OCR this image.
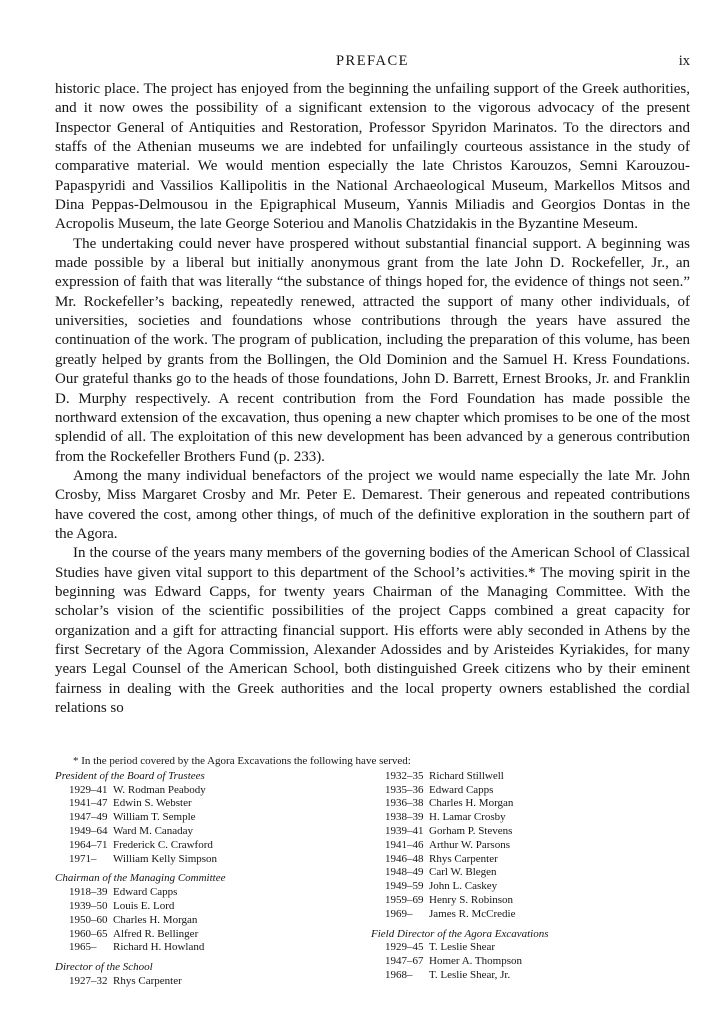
PREFACE	ix

historic place. The project has enjoyed from the beginning the unfailing support of the Greek authorities, and it now owes the possibility of a significant extension to the vigorous advocacy of the present Inspector General of Antiquities and Restoration, Professor Spyridon Marinatos. To the directors and staffs of the Athenian museums we are indebted for unfailingly courteous assistance in the study of comparative material. We would mention especially the late Christos Karouzos, Semni Karouzou-Papaspyridi and Vassilios Kallipolitis in the National Archaeological Museum, Markellos Mitsos and Dina Peppas-Delmousou in the Epigraphical Museum, Yannis Miliadis and Georgios Dontas in the Acropolis Museum, the late George Soteriou and Manolis Chatzidakis in the Byzantine Meseum.

The undertaking could never have prospered without substantial financial support. A beginning was made possible by a liberal but initially anonymous grant from the late John D. Rockefeller, Jr., an expression of faith that was literally “the substance of things hoped for, the evidence of things not seen.” Mr. Rockefeller’s backing, repeatedly renewed, attracted the support of many other individuals, of universities, societies and foundations whose contributions through the years have assured the continuation of the work. The program of publication, including the preparation of this volume, has been greatly helped by grants from the Bollingen, the Old Dominion and the Samuel H. Kress Foundations. Our grateful thanks go to the heads of those foundations, John D. Barrett, Ernest Brooks, Jr. and Franklin D. Murphy respectively. A recent contribution from the Ford Foundation has made possible the northward extension of the excavation, thus opening a new chapter which promises to be one of the most splendid of all. The exploitation of this new development has been advanced by a generous contribution from the Rockefeller Brothers Fund (p. 233).

Among the many individual benefactors of the project we would name especially the late Mr. John Crosby, Miss Margaret Crosby and Mr. Peter E. Demarest. Their generous and repeated contributions have covered the cost, among other things, of much of the definitive exploration in the southern part of the Agora.

In the course of the years many members of the governing bodies of the American School of Classical Studies have given vital support to this department of the School’s activities.* The moving spirit in the beginning was Edward Capps, for twenty years Chairman of the Managing Committee. With the scholar’s vision of the scientific possibilities of the project Capps combined a great capacity for organization and a gift for attracting financial support. His efforts were ably seconded in Athens by the first Secretary of the Agora Commission, Alexander Adossides and by Aristeides Kyriakides, for many years Legal Counsel of the American School, both distinguished Greek citizens who by their eminent fairness in dealing with the Greek authorities and the local property owners established the cordial relations so

* In the period covered by the Agora Excavations the following have served:
President of the Board of Trustees
1929–41 W. Rodman Peabody
1941–47 Edwin S. Webster
1947–49 William T. Semple
1949–64 Ward M. Canaday
1964–71 Frederick C. Crawford
1971– William Kelly Simpson
Chairman of the Managing Committee
1918–39 Edward Capps
1939–50 Louis E. Lord
1950–60 Charles H. Morgan
1960–65 Alfred R. Bellinger
1965– Richard H. Howland
Director of the School
1927–32 Rhys Carpenter
1932–35 Richard Stillwell
1935–36 Edward Capps
1936–38 Charles H. Morgan
1938–39 H. Lamar Crosby
1939–41 Gorham P. Stevens
1941–46 Arthur W. Parsons
1946–48 Rhys Carpenter
1948–49 Carl W. Blegen
1949–59 John L. Caskey
1959–69 Henry S. Robinson
1969– James R. McCredie
Field Director of the Agora Excavations
1929–45 T. Leslie Shear
1947–67 Homer A. Thompson
1968– T. Leslie Shear, Jr.
